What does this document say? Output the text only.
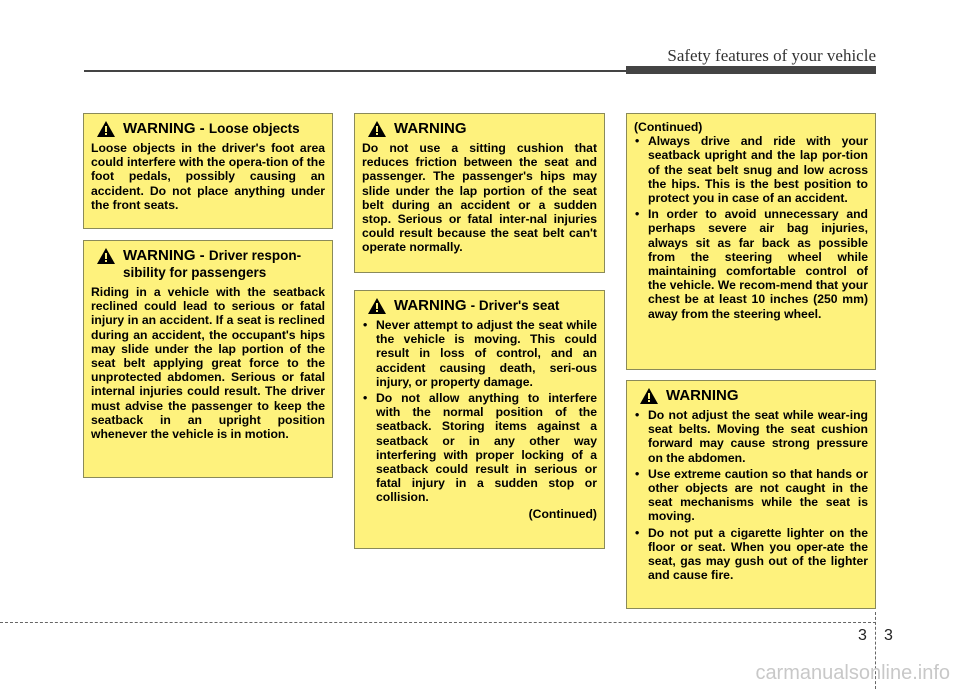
Safety features of your vehicle
WARNING - Loose objects
Loose objects in the driver's foot area could interfere with the opera-tion of the foot pedals, possibly causing an accident. Do not place anything under the front seats.
WARNING - Driver respon-
sibility for passengers
Riding in a vehicle with the seatback reclined could lead to serious or fatal injury in an accident. If a seat is reclined during an accident, the occupant's hips may slide under the lap portion of the seat belt applying great force to the unprotected abdomen. Serious or fatal internal injuries could result. The driver must advise the passenger to keep the seatback in an upright position whenever the vehicle is in motion.
WARNING
Do not use a sitting cushion that reduces friction between the seat and passenger. The passenger's hips may slide under the lap portion of the seat belt during an accident or a sudden stop. Serious or fatal inter-nal injuries could result because the seat belt can't operate normally.
WARNING - Driver's seat
• Never attempt to adjust the seat while the vehicle is moving. This could result in loss of control, and an accident causing death, seri-ous injury, or property damage.
• Do not allow anything to interfere with the normal position of the seatback. Storing items against a seatback or in any other way interfering with proper locking of a seatback could result in serious or fatal injury in a sudden stop or collision.
(Continued)
(Continued)
• Always drive and ride with your seatback upright and the lap por-tion of the seat belt snug and low across the hips. This is the best position to protect you in case of an accident.
• In order to avoid unnecessary and perhaps severe air bag injuries, always sit as far back as possible from the steering wheel while maintaining comfortable control of the vehicle. We recom-mend that your chest be at least 10 inches (250 mm) away from the steering wheel.
WARNING
• Do not adjust the seat while wear-ing seat belts. Moving the seat cushion forward may cause strong pressure on the abdomen.
• Use extreme caution so that hands or other objects are not caught in the seat mechanisms while the seat is moving.
• Do not put a cigarette lighter on the floor or seat. When you oper-ate the seat, gas may gush out of the lighter and cause fire.
3 3
carmanualsonline.info
